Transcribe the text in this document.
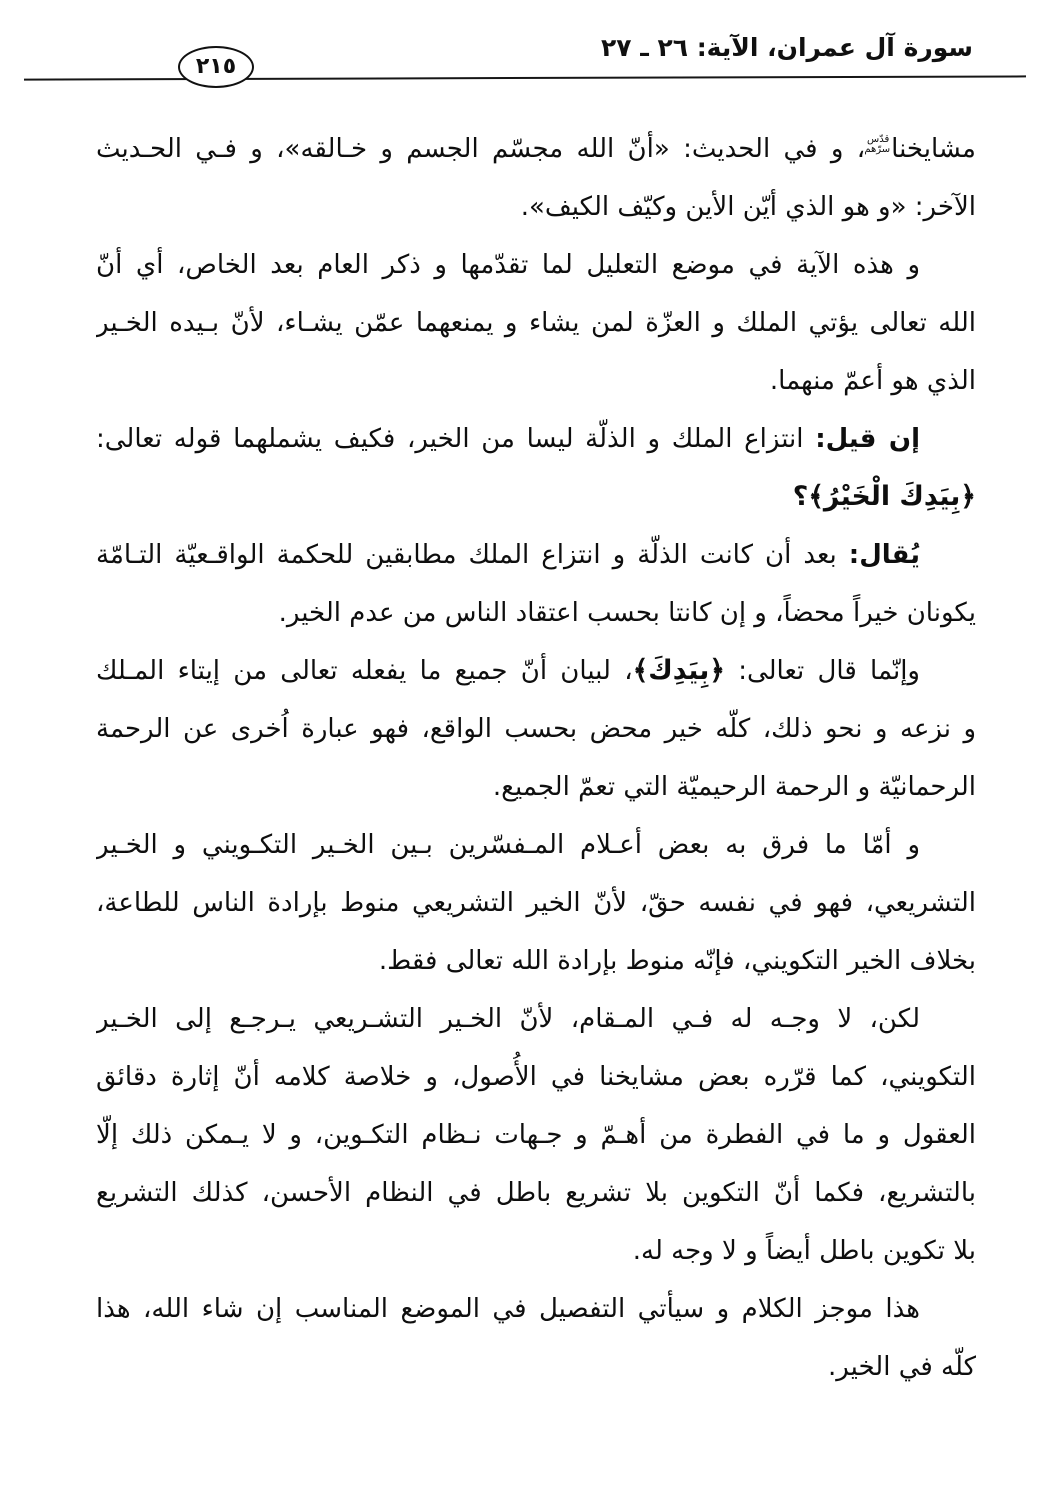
سورة آل عمران، الآية: ٢٦ ـ ٢٧
٢١٥
مشايخناقدّس سرّهم، و في الحديث: «أنّ الله مجسّم الجسم و خـالقه»، و فـي الحـديث
الآخر: «و هو الذي أيّن الأين وكيّف الكيف».
و هذه الآية في موضع التعليل لما تقدّمها و ذكر العام بعد الخاص، أي أنّ
الله تعالى يؤتي الملك و العزّة لمن يشاء و يمنعهما عمّن يشـاء، لأنّ بـيده الخـير
الذي هو أعمّ منهما.
إن قيل: انتزاع الملك و الذلّة ليسا من الخير، فكيف يشملهما قوله تعالى:
﴿بِيَدِكَ الْخَيْرُ﴾؟
يُقال: بعد أن كانت الذلّة و انتزاع الملك مطابقين للحكمة الواقـعيّة التـامّة
يكونان خيراً محضاً، و إن كانتا بحسب اعتقاد الناس من عدم الخير.
وإنّما قال تعالى: ﴿بِيَدِكَ﴾، لبيان أنّ جميع ما يفعله تعالى من إيتاء المـلك
و نزعه و نحو ذلك، كلّه خير محض بحسب الواقع، فهو عبارة اُخرى عن الرحمة
الرحمانيّة و الرحمة الرحيميّة التي تعمّ الجميع.
و أمّا ما فرق به بعض أعـلام المـفسّرين بـين الخـير التكـويني و الخـير
التشريعي، فهو في نفسه حقّ، لأنّ الخير التشريعي منوط بإرادة الناس للطاعة،
بخلاف الخير التكويني، فإنّه منوط بإرادة الله تعالى فقط.
لكن، لا وجـه له فـي المـقام، لأنّ الخـير التشـريعي يـرجـع إلى الخـير
التكويني، كما قرّره بعض مشايخنا في الأُصول، و خلاصة كلامه أنّ إثارة دقائق
العقول و ما في الفطرة من أهـمّ و جـهات نـظام التكـوين، و لا يـمكن ذلك إلّا
بالتشريع، فكما أنّ التكوين بلا تشريع باطل في النظام الأحسن، كذلك التشريع
بلا تكوين باطل أيضاً و لا وجه له.
هذا موجز الكلام و سيأتي التفصيل في الموضع المناسب إن شاء الله، هذا
كلّه في الخير.
